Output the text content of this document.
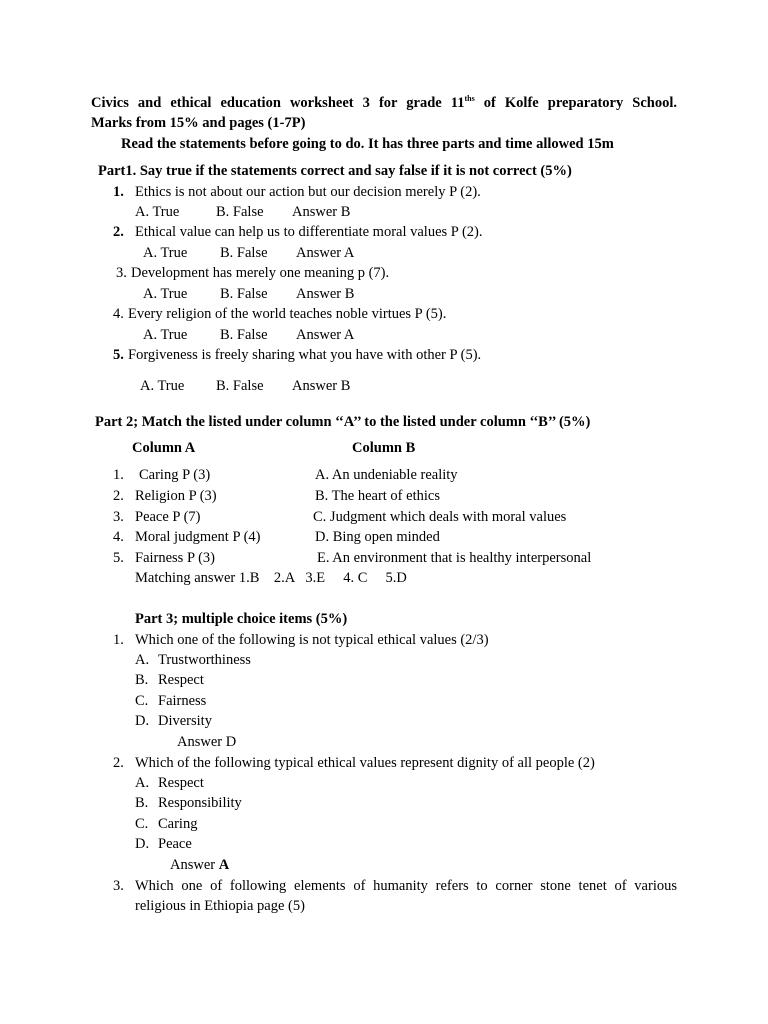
Civics and ethical education worksheet 3 for grade $11^{ths}$ of Kolfe preparatory School.
Marks from 15% and pages (1-7P)
Read the statements before going to do. It has three parts and time allowed 15m
Part1. Say true if the statements correct and say false if it is not correct (5%)
1. Ethics is not about our action but our decision merely P (2).
A. True	B. False Answer B
2. Ethical value can help us to differentiate moral values P (2).
A. True B. False Answer A
3. Development has merely one meaning p (7).
A. True B. False Answer B
4. Every religion of the world teaches noble virtues P (5).
A. True B. False Answer A
5. Forgiveness is freely sharing what you have with other P (5).
A. True B. False Answer B
Part 2; Match the listed under column ‘‘A’’ to the listed under column ‘‘B’’ (5%)
Column A	Column B
1. Caring P (3)	A. An undeniable reality
2. Religion P (3)	B. The heart of ethics
3. Peace P (7)	C. Judgment which deals with moral values
4. Moral judgment P (4)	D. Bing open minded
5. Fairness P (3)	E. An environment that is healthy interpersonal
Matching answer 1.B    2.A   3.E     4. C     5.D
Part 3; multiple choice items (5%)
1. Which one of the following is not typical ethical values (2/3)
A. Trustworthiness
B. Respect
C. Fairness
D. Diversity
Answer D
2. Which of the following typical ethical values represent dignity of all people (2)
A. Respect
B. Responsibility
C. Caring
D. Peace
Answer A
3. Which one of following elements of humanity refers to corner stone tenet of various
religious in Ethiopia page (5)
